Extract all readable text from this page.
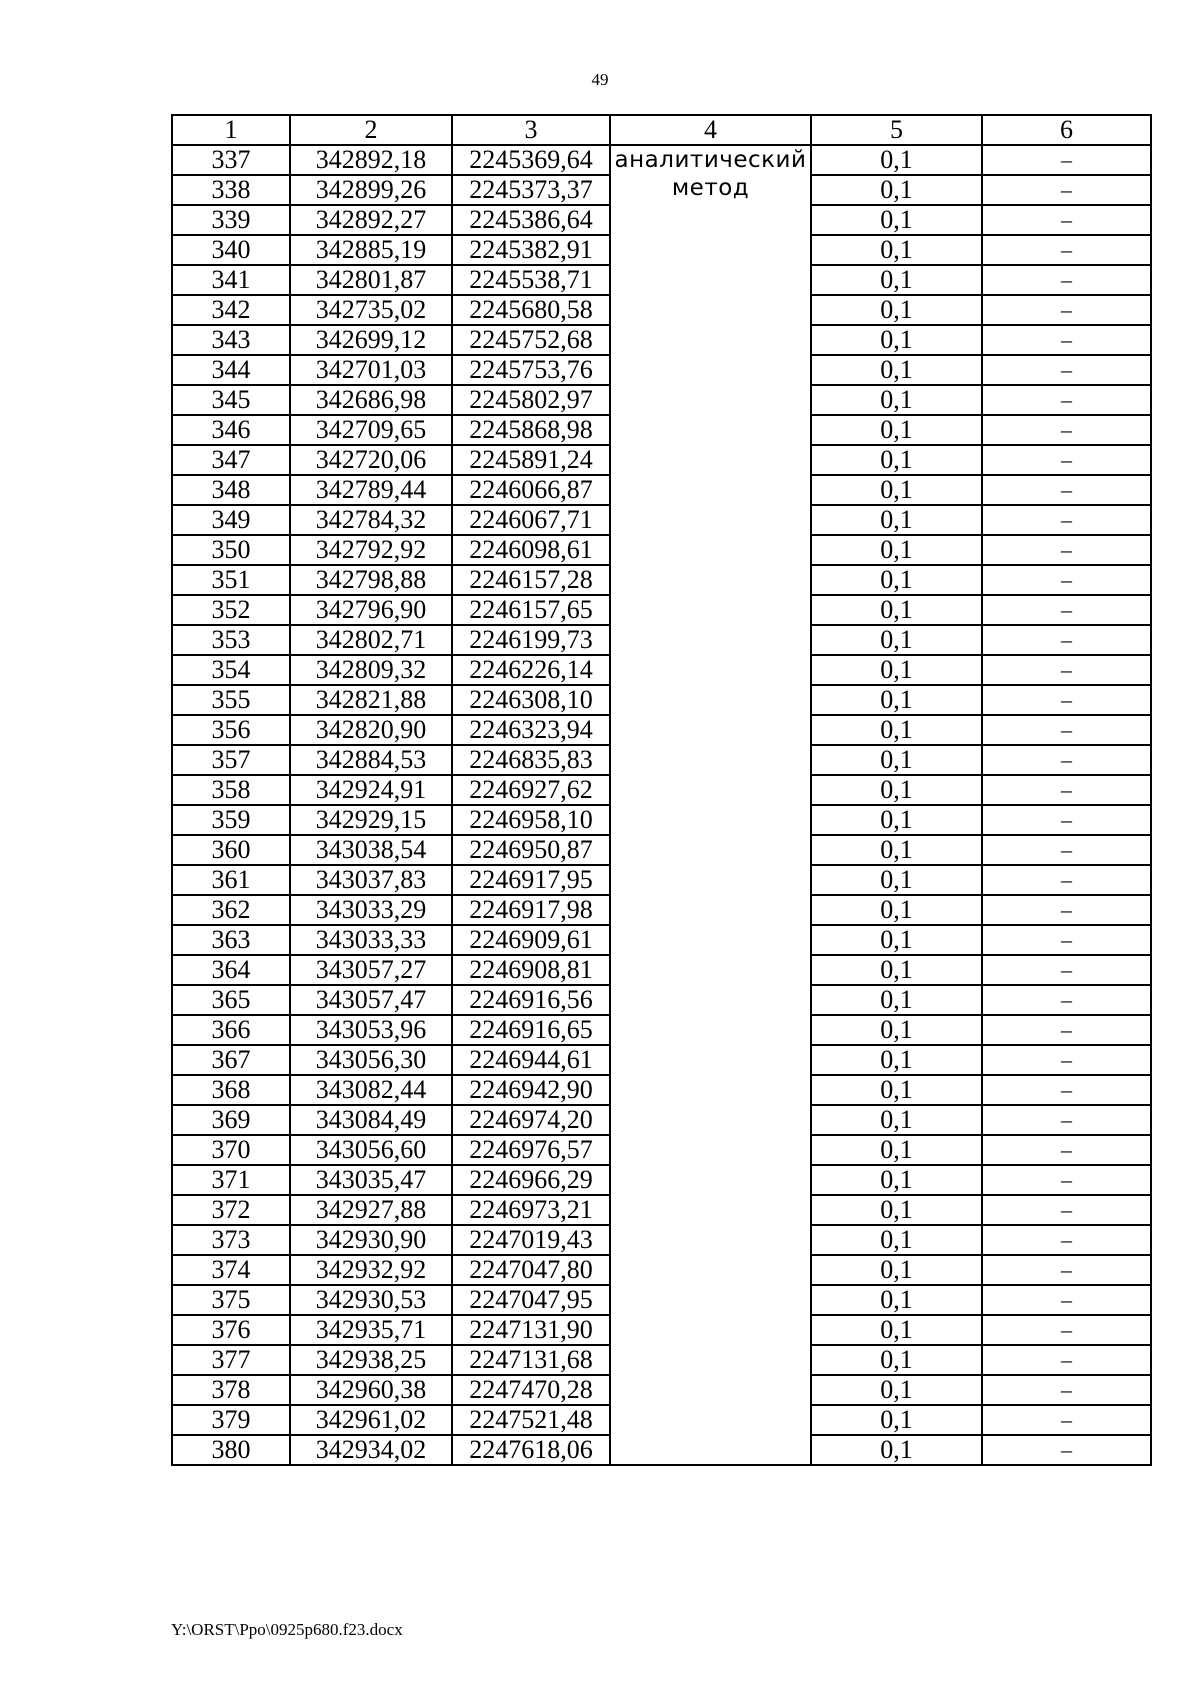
49
1	2	3	4	5	6
337	342892,18	2245369,64	аналитический метод	0,1	–
338	342899,26	2245373,37		0,1	–
339	342892,27	2245386,64		0,1	–
340	342885,19	2245382,91		0,1	–
341	342801,87	2245538,71		0,1	–
342	342735,02	2245680,58		0,1	–
343	342699,12	2245752,68		0,1	–
344	342701,03	2245753,76		0,1	–
345	342686,98	2245802,97		0,1	–
346	342709,65	2245868,98		0,1	–
347	342720,06	2245891,24		0,1	–
348	342789,44	2246066,87		0,1	–
349	342784,32	2246067,71		0,1	–
350	342792,92	2246098,61		0,1	–
351	342798,88	2246157,28		0,1	–
352	342796,90	2246157,65		0,1	–
353	342802,71	2246199,73		0,1	–
354	342809,32	2246226,14		0,1	–
355	342821,88	2246308,10		0,1	–
356	342820,90	2246323,94		0,1	–
357	342884,53	2246835,83		0,1	–
358	342924,91	2246927,62		0,1	–
359	342929,15	2246958,10		0,1	–
360	343038,54	2246950,87		0,1	–
361	343037,83	2246917,95		0,1	–
362	343033,29	2246917,98		0,1	–
363	343033,33	2246909,61		0,1	–
364	343057,27	2246908,81		0,1	–
365	343057,47	2246916,56		0,1	–
366	343053,96	2246916,65		0,1	–
367	343056,30	2246944,61		0,1	–
368	343082,44	2246942,90		0,1	–
369	343084,49	2246974,20		0,1	–
370	343056,60	2246976,57		0,1	–
371	343035,47	2246966,29		0,1	–
372	342927,88	2246973,21		0,1	–
373	342930,90	2247019,43		0,1	–
374	342932,92	2247047,80		0,1	–
375	342930,53	2247047,95		0,1	–
376	342935,71	2247131,90		0,1	–
377	342938,25	2247131,68		0,1	–
378	342960,38	2247470,28		0,1	–
379	342961,02	2247521,48		0,1	–
380	342934,02	2247618,06		0,1	–
Y:\ORST\Ppo\0925p680.f23.docx
